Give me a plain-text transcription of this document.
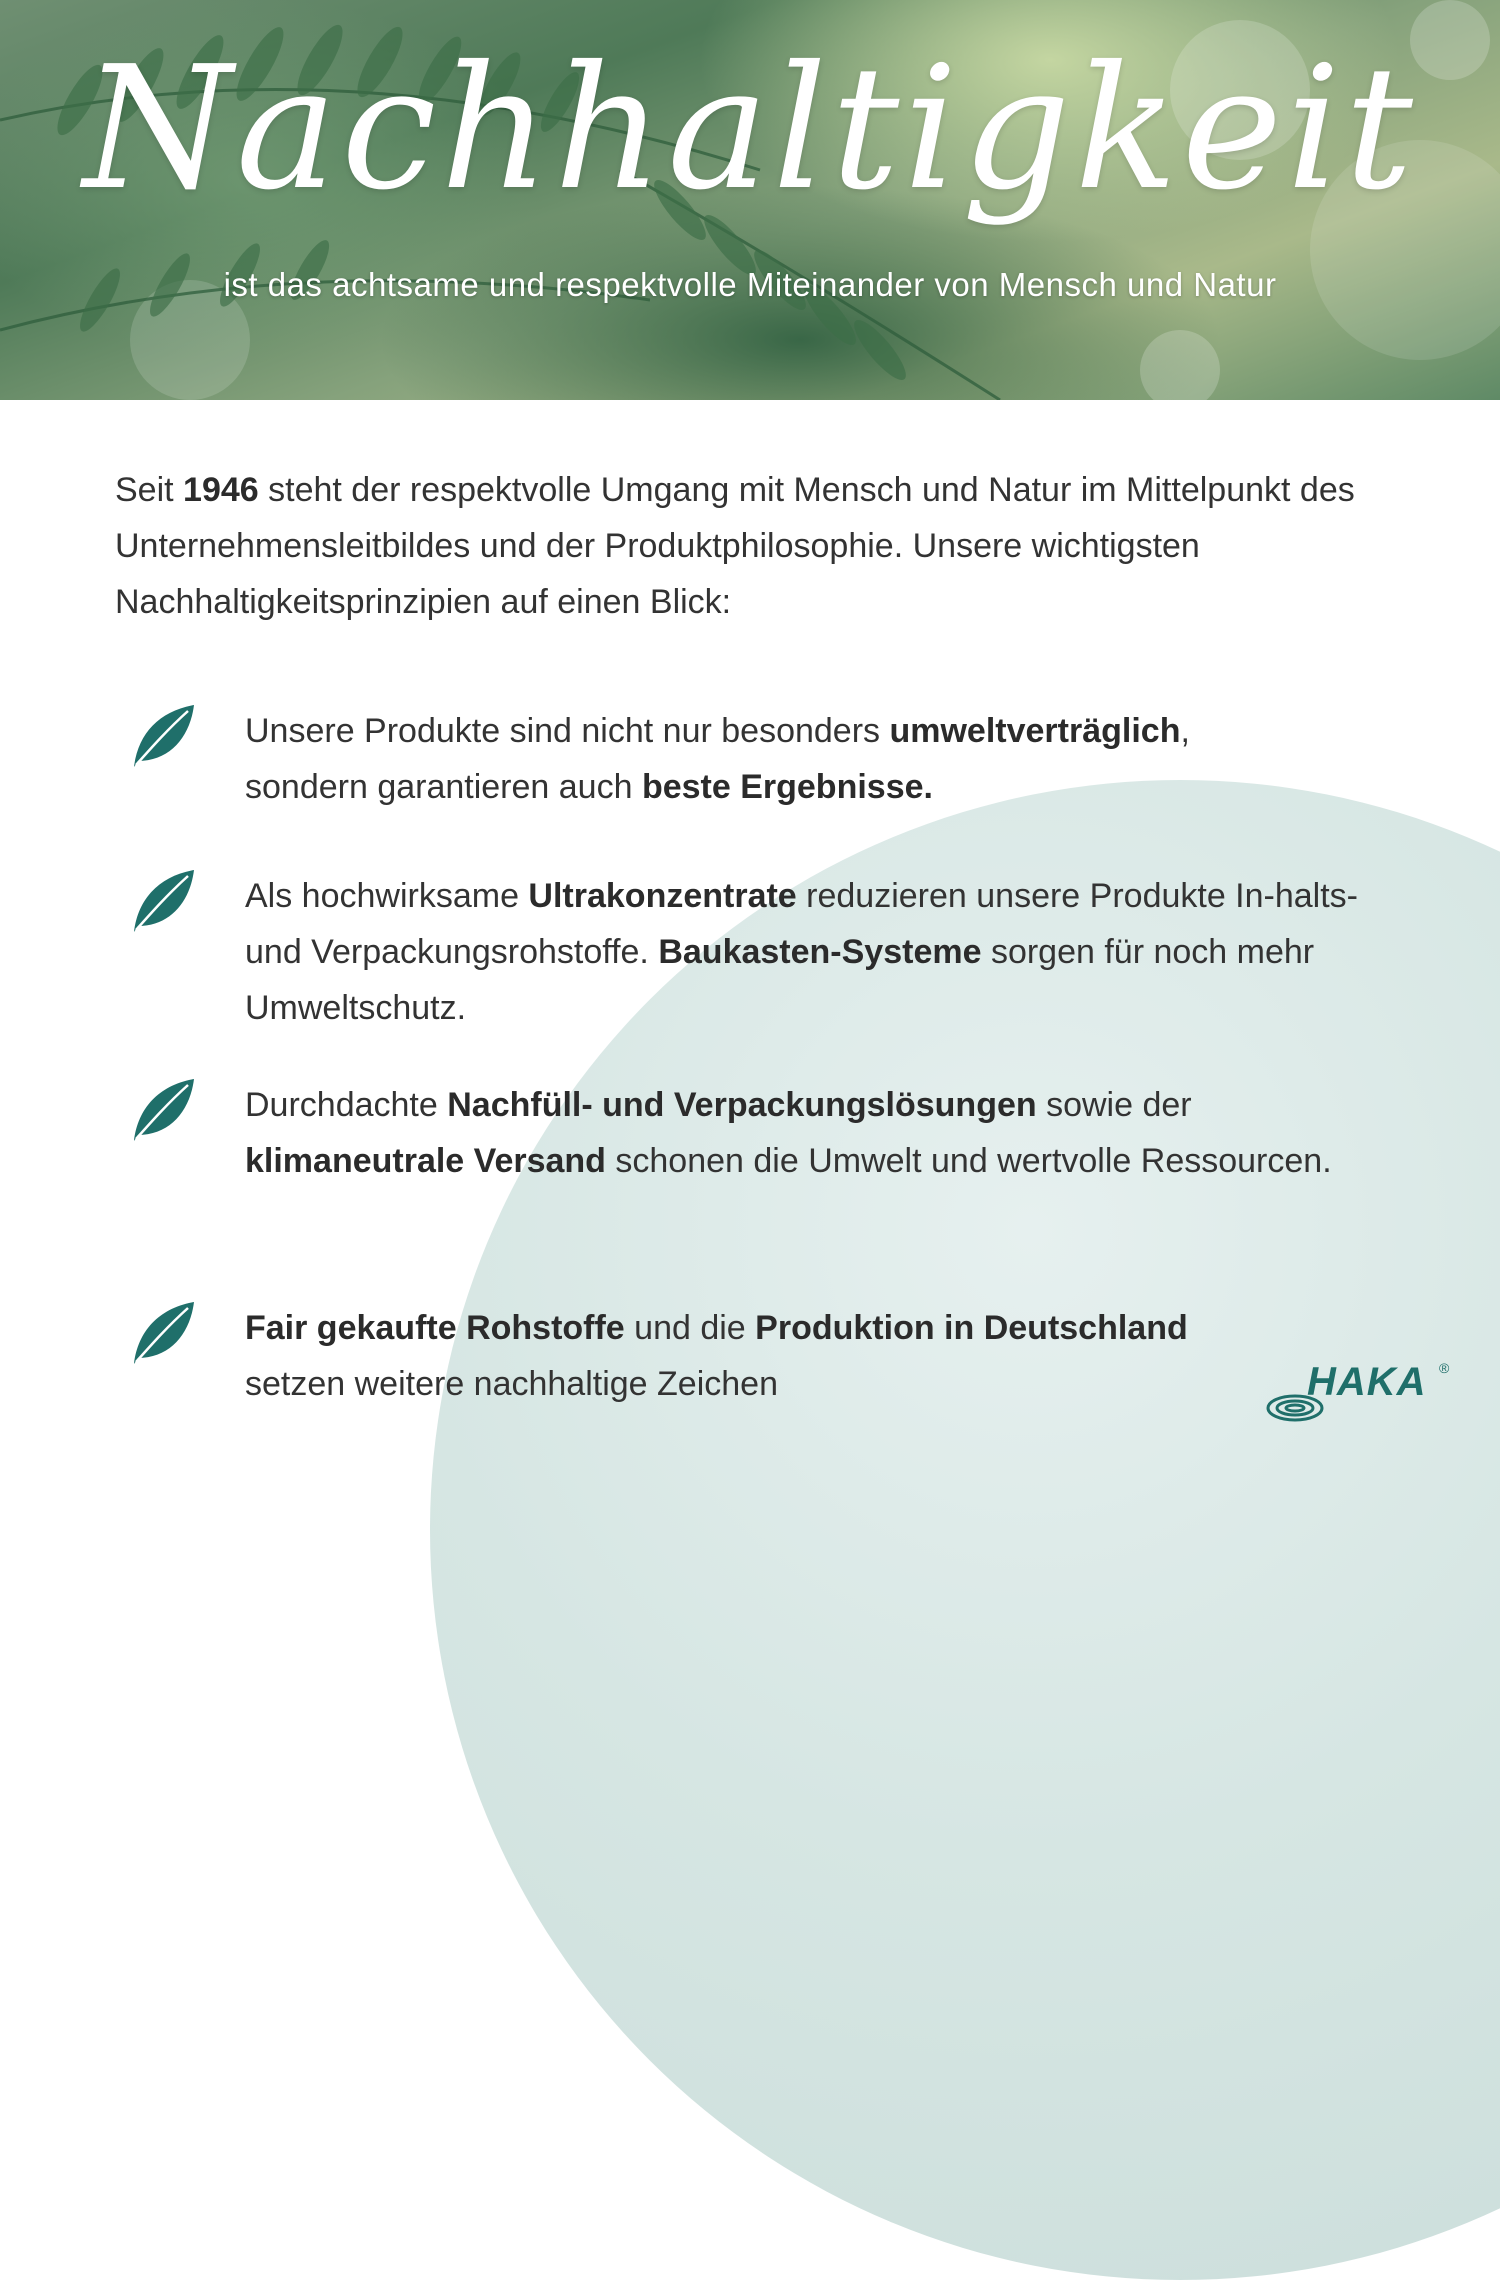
Nachhaltigkeit
ist das achtsame und respektvolle Miteinander von Mensch und Natur

Seit 1946 steht der respektvolle Umgang mit Mensch und Natur im Mittelpunkt des Unternehmensleitbildes und der Produktphilosophie. Unsere wichtigsten Nachhaltigkeitsprinzipien auf einen Blick:

Unsere Produkte sind nicht nur besonders umweltverträglich,
sondern garantieren auch beste Ergebnisse.
Als hochwirksame Ultrakonzentrate reduzieren unsere Produkte In-halts- und Verpackungsrohstoffe. Baukasten-Systeme sorgen für noch mehr Umweltschutz.
Durchdachte Nachfüll- und Verpackungslösungen sowie der klimaneutrale Versand schonen die Umwelt und wertvolle Ressourcen.
Fair gekaufte Rohstoffe und die Produktion in Deutschland
setzen weitere nachhaltige Zeichen	HAKA ®
